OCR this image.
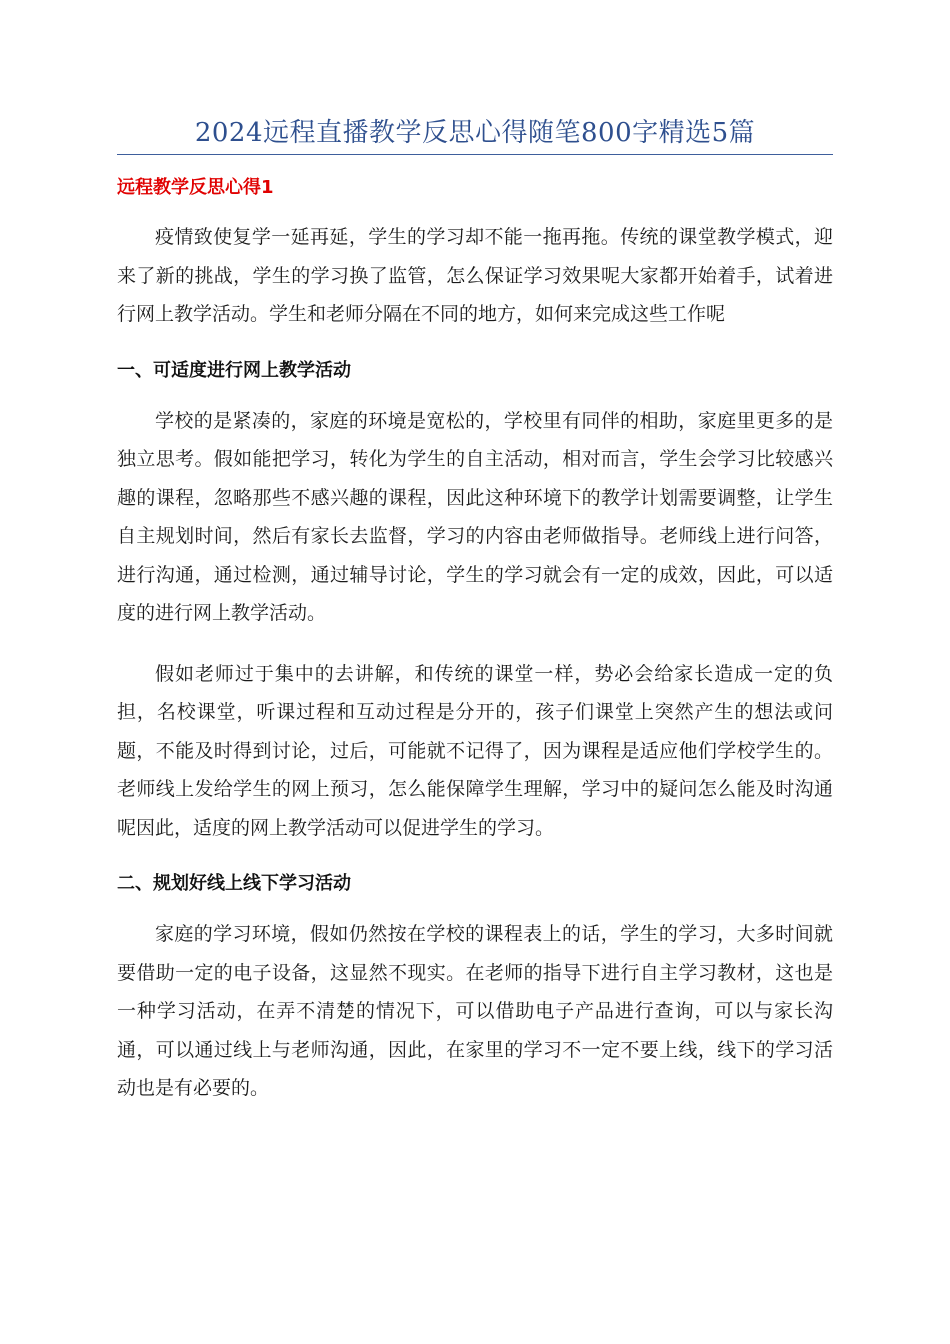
2024远程直播教学反思心得随笔800字精选5篇
远程教学反思心得1

疫情致使复学一延再延，学生的学习却不能一拖再拖。传统的课堂教学模式，迎来了新的挑战，学生的学习换了监管，怎么保证学习效果呢大家都开始着手，试着进行网上教学活动。学生和老师分隔在不同的地方，如何来完成这些工作呢

一、可适度进行网上教学活动

学校的是紧凑的，家庭的环境是宽松的，学校里有同伴的相助，家庭里更多的是独立思考。假如能把学习，转化为学生的自主活动，相对而言，学生会学习比较感兴趣的课程，忽略那些不感兴趣的课程，因此这种环境下的教学计划需要调整，让学生自主规划时间，然后有家长去监督，学习的内容由老师做指导。老师线上进行问答，进行沟通，通过检测，通过辅导讨论，学生的学习就会有一定的成效，因此，可以适度的进行网上教学活动。

假如老师过于集中的去讲解，和传统的课堂一样，势必会给家长造成一定的负担，名校课堂，听课过程和互动过程是分开的，孩子们课堂上突然产生的想法或问题，不能及时得到讨论，过后，可能就不记得了，因为课程是适应他们学校学生的。老师线上发给学生的网上预习，怎么能保障学生理解，学习中的疑问怎么能及时沟通呢因此，适度的网上教学活动可以促进学生的学习。

二、规划好线上线下学习活动

家庭的学习环境，假如仍然按在学校的课程表上的话，学生的学习，大多时间就要借助一定的电子设备，这显然不现实。在老师的指导下进行自主学习教材，这也是一种学习活动，在弄不清楚的情况下，可以借助电子产品进行查询，可以与家长沟通，可以通过线上与老师沟通，因此，在家里的学习不一定不要上线，线下的学习活动也是有必要的。
